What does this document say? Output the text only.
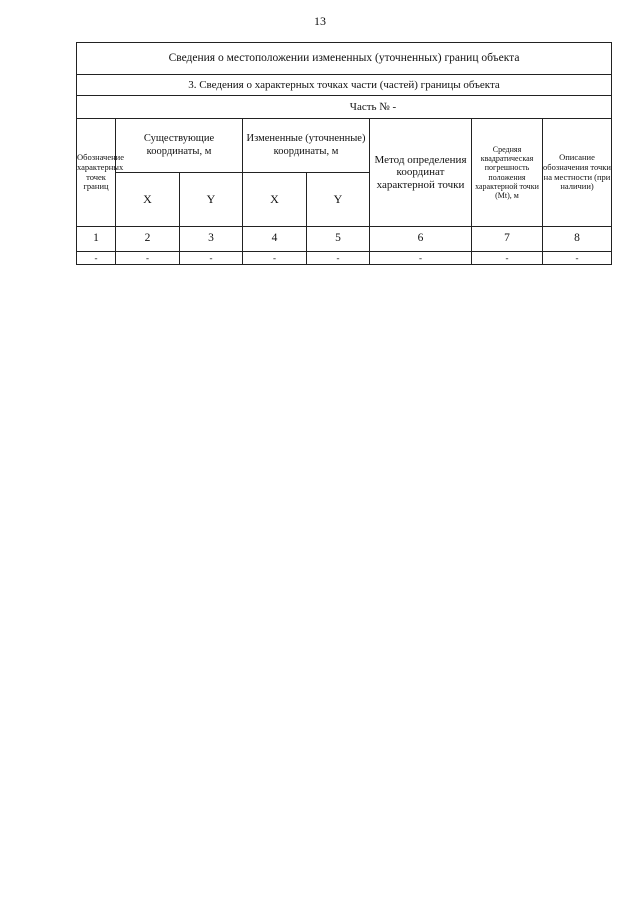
13
Сведения о местоположении измененных (уточненных) границ объекта							
3. Сведения о характерных точках части (частей) границы объекта							
Часть № -							
Обозначение характерных точек границ	Существующие координаты, м		Измененные (уточненные) координаты, м		Метод определения координат характерной точки	Средняя квадратическая погрешность положения характерной точки (Mt), м	Описание обозначения точки на местности (при наличии)
	X	Y	X	Y			
1	2	3	4	5	6	7	8
-	-	-	-	-	-	-	-
